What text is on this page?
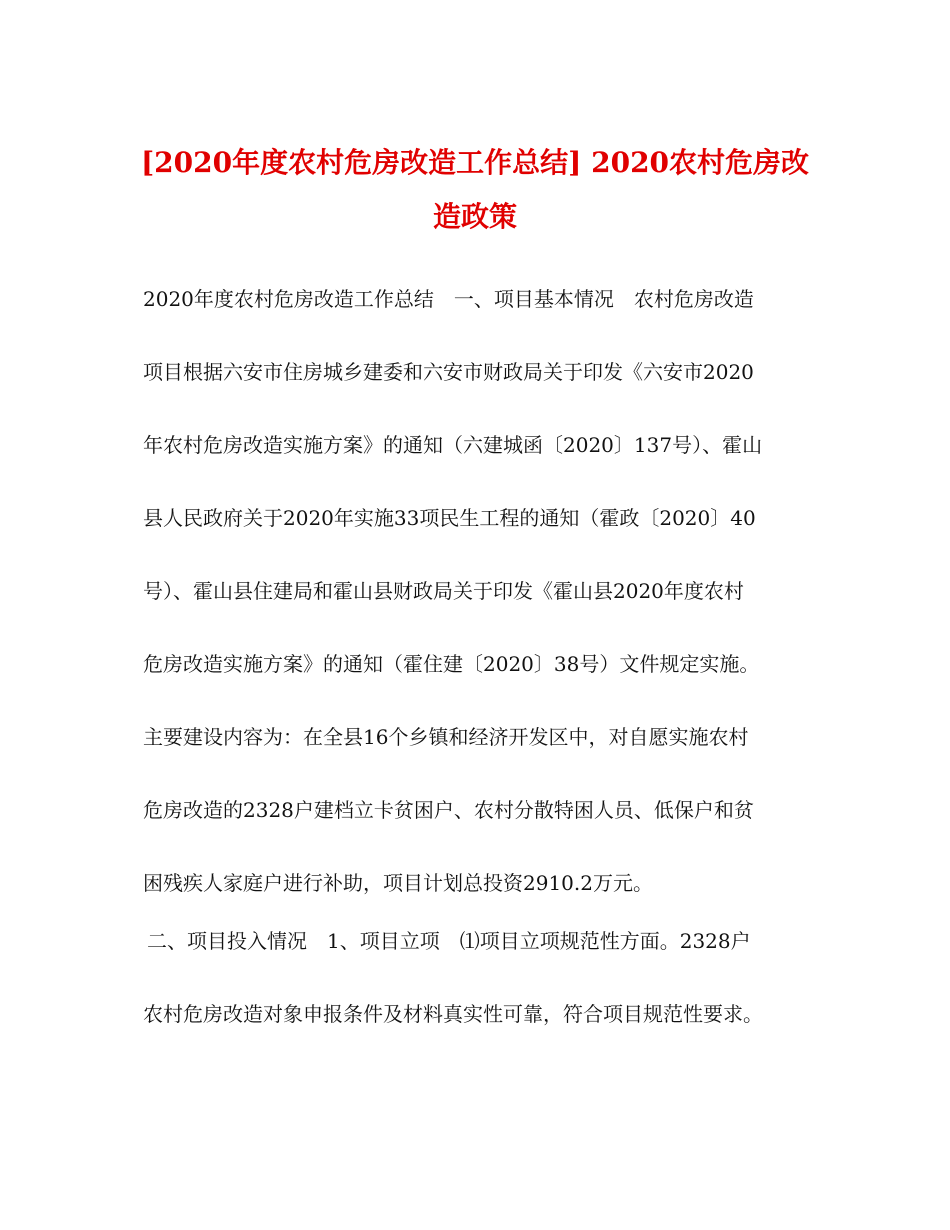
[2020年度农村危房改造工作总结] 2020农村危房改
造政策
2020年度农村危房改造工作总结　一、项目基本情况　农村危房改造
项目根据六安市住房城乡建委和六安市财政局关于印发《六安市2020
年农村危房改造实施方案》的通知（六建城函〔2020〕137号）、霍山
县人民政府关于2020年实施33项民生工程的通知（霍政〔2020〕40
号）、霍山县住建局和霍山县财政局关于印发《霍山县2020年度农村
危房改造实施方案》的通知（霍住建〔2020〕38号）文件规定实施。
主要建设内容为：在全县16个乡镇和经济开发区中，对自愿实施农村
危房改造的2328户建档立卡贫困户、农村分散特困人员、低保户和贫
困残疾人家庭户进行补助，项目计划总投资2910.2万元。
二、项目投入情况　1、项目立项　⑴项目立项规范性方面。2328户
农村危房改造对象申报条件及材料真实性可靠，符合项目规范性要求。
